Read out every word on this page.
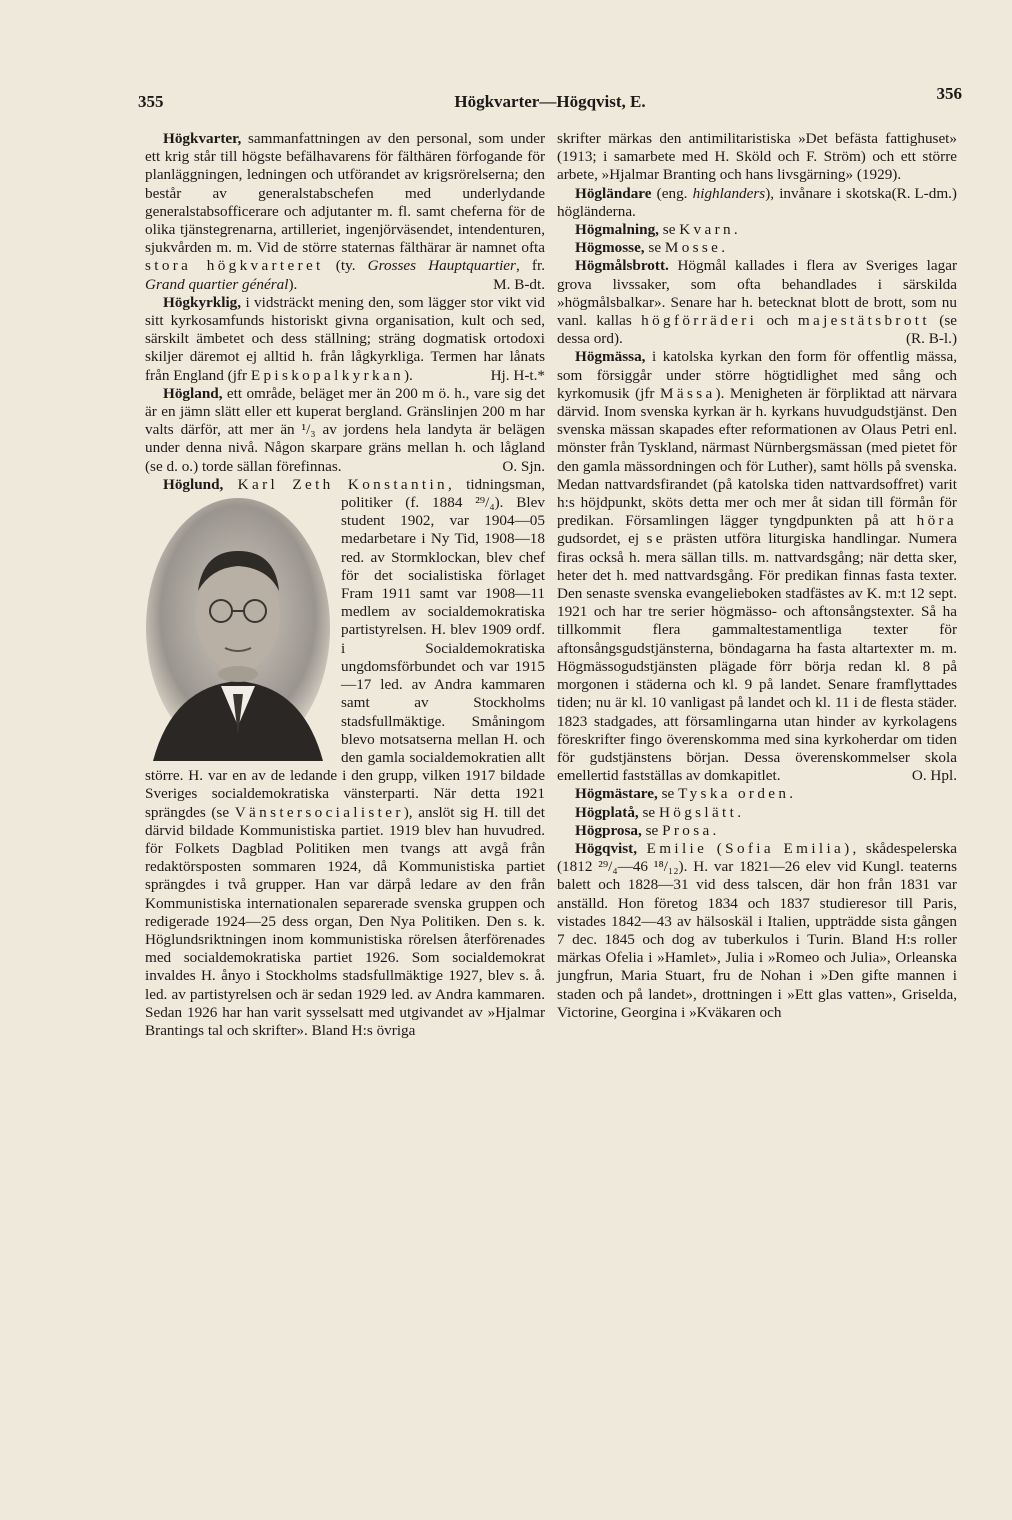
355	Högkvarter—Högqvist, E.	356

Högkvarter, sammanfattningen av den personal, som under ett krig står till högste befälhavarens för fälthären förfogande för planläggningen, ledningen och utförandet av krigsrörelserna; den består av generalstabschefen med underlydande generalstabsofficerare och adjutanter m. fl. samt cheferna för de olika tjänstegrenarna, artilleriet, ingenjörväsendet, intendenturen, sjukvården m. m. Vid de större staternas fälthärar är namnet ofta stora högkvarteret (ty. Grosses Hauptquartier, fr. Grand quartier général).	M. B-dt.

Högkyrklig, i vidsträckt mening den, som lägger stor vikt vid sitt kyrkosamfunds historiskt givna organisation, kult och sed, särskilt ämbetet och dess ställning; sträng dogmatisk ortodoxi skiljer däremot ej alltid h. från lågkyrkliga. Termen har lånats från England (jfr Episkopalkyrkan).	Hj. H-t.*

Högland, ett område, beläget mer än 200 m ö. h., vare sig det är en jämn slätt eller ett kuperat bergland. Gränslinjen 200 m har valts därför, att mer än ¹/₃ av jordens hela landyta är belägen under denna nivå. Någon skarpare gräns mellan h. och lågland (se d. o.) torde sällan förefinnas.	O. Sjn.

Höglund, Karl Zeth Konstantin,
tidningsman, politiker (f. 1884 ²⁹/₄). Blev student 1902, var 1904—05 medarbetare i Ny Tid, 1908—18 red. av Stormklockan, blev chef för det socialistiska förlaget Fram 1911 samt var 1908—11 medlem av socialdemokratiska partistyrelsen. H. blev 1909 ordf. i Socialdemokratiska ungdomsförbundet och var 1915—17 led. av Andra kammaren samt av Stockholms stadsfullmäktige. Småningom blevo motsatserna mellan H. och den gamla socialdemokratien allt större. H. var en av de ledande i den grupp, vilken 1917 bildade Sveriges socialdemokratiska vänsterparti. När detta 1921 sprängdes (se Vänstersocialister), anslöt sig H. till det därvid bildade Kommunistiska partiet. 1919 blev han huvudred. för Folkets Dagblad Politiken men tvangs att avgå från redaktörsposten sommaren 1924, då Kommunistiska partiet sprängdes i två grupper. Han var därpå ledare av den från Kommunistiska internationalen separerade svenska gruppen och redigerade 1924—25 dess organ, Den Nya Politiken. Den s. k. Höglundsriktningen inom kommunistiska rörelsen återförenades med socialdemokratiska partiet 1926. Som socialdemokrat invaldes H. ånyo i Stockholms stadsfullmäktige 1927, blev s. å. led. av partistyrelsen och är sedan 1929 led. av Andra kammaren. Sedan 1926 har han varit sysselsatt med utgivandet av »Hjalmar Brantings tal och skrifter». Bland H:s övriga

skrifter märkas den antimilitaristiska »Det befästa fattighuset» (1913; i samarbete med H. Sköld och F. Ström) och ett större arbete, »Hjalmar Branting och hans livsgärning» (1929).
(R. L-dm.)

Högländare (eng. highlanders), invånare i skotska högländerna.

Högmalning, se Kvarn.

Högmosse, se Mosse.

Högmålsbrott. Högmål kallades i flera av Sveriges lagar grova livssaker, som ofta behandlades i särskilda »högmålsbalkar». Senare har h. betecknat blott de brott, som nu vanl. kallas högförräderi och majestätsbrott (se dessa ord).	(R. B-l.)

Högmässa, i katolska kyrkan den form för offentlig mässa, som försiggår under större högtidlighet med sång och kyrkomusik (jfr Mässa). Menigheten är förpliktad att närvara därvid. Inom svenska kyrkan är h. kyrkans huvudgudstjänst. Den svenska mässan skapades efter reformationen av Olaus Petri enl. mönster från Tyskland, närmast Nürnbergsmässan (med pietet för den gamla mässordningen och för Luther), samt hölls på svenska. Medan nattvardsfirandet (på katolska tiden nattvardsoffret) varit h:s höjdpunkt, sköts detta mer och mer åt sidan till förmån för predikan. Församlingen lägger tyngdpunkten på att höra gudsordet, ej se prästen utföra liturgiska handlingar. Numera firas också h. mera sällan tills. m. nattvardsgång; när detta sker, heter det h. med nattvardsgång. För predikan finnas fasta texter. Den senaste svenska evangelieboken stadfästes av K. m:t 12 sept. 1921 och har tre serier högmässo- och aftonsångstexter. Så ha tillkommit flera gammaltestamentliga texter för aftonsångsgudstjänsterna, böndagarna ha fasta altartexter m. m. Högmässogudstjänsten plägade förr börja redan kl. 8 på morgonen i städerna och kl. 9 på landet. Senare framflyttades tiden; nu är kl. 10 vanligast på landet och kl. 11 i de flesta städer. 1823 stadgades, att församlingarna utan hinder av kyrkolagens föreskrifter fingo överenskomma med sina kyrkoherdar om tiden för gudstjänstens början. Dessa överenskommelser skola emellertid fastställas av domkapitlet.	O. Hpl.

Högmästare, se Tyska orden.

Högplatå, se Högslätt.

Högprosa, se Prosa.

Högqvist, Emilie (Sofia Emilia), skådespelerska (1812 ²⁹/₄—46 ¹⁸/₁₂). H. var 1821—26 elev vid Kungl. teaterns balett och 1828—31 vid dess talscen, där hon från 1831 var anställd. Hon företog 1834 och 1837 studieresor till Paris, vistades 1842—43 av hälsoskäl i Italien, uppträdde sista gången 7 dec. 1845 och dog av tuberkulos i Turin. Bland H:s roller märkas Ofelia i »Hamlet», Julia i »Romeo och Julia», Orleanska jungfrun, Maria Stuart, fru de Nohan i »Den gifte mannen i staden och på landet», drottningen i »Ett glas vatten», Griselda, Victorine, Georgina i »Kväkaren och
